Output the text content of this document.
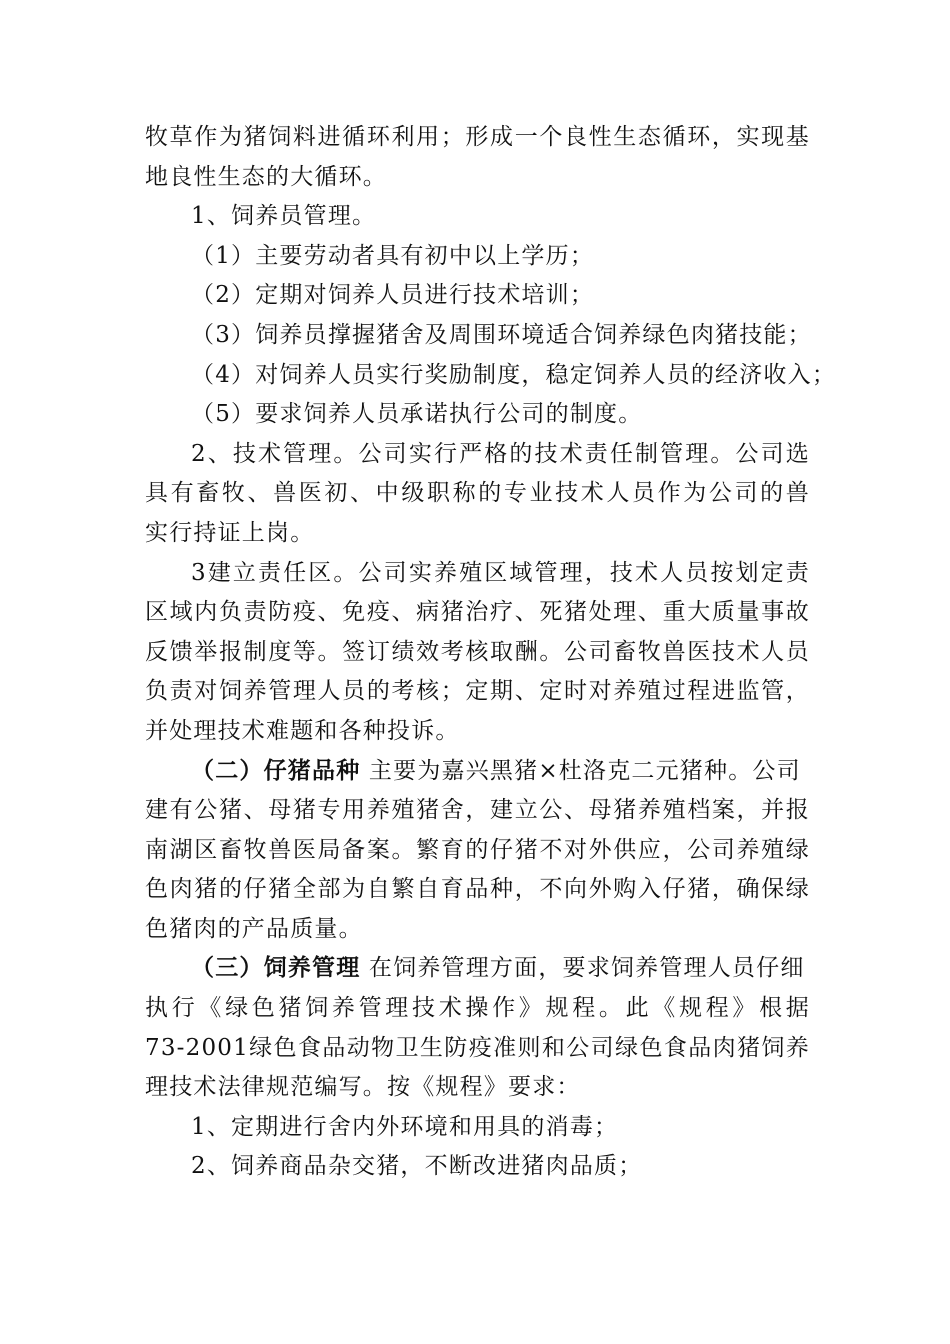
牧草作为猪饲料进循环利用；形成一个良性生态循环，实现基
地良性生态的大循环。
1、饲养员管理。
（1）主要劳动者具有初中以上学历；
（2）定期对饲养人员进行技术培训；
（3）饲养员撑握猪舍及周围环境适合饲养绿色肉猪技能；
（4）对饲养人员实行奖励制度，稳定饲养人员的经济收入；
（5）要求饲养人员承诺执行公司的制度。
2、技术管理。公司实行严格的技术责任制管理。公司选
具有畜牧、兽医初、中级职称的专业技术人员作为公司的兽
实行持证上岗。
3建立责任区。公司实养殖区域管理，技术人员按划定责
区域内负责防疫、免疫、病猪治疗、死猪处理、重大质量事故
反馈举报制度等。签订绩效考核取酬。公司畜牧兽医技术人员
负责对饲养管理人员的考核；定期、定时对养殖过程进监管，
并处理技术难题和各种投诉。
（二）仔猪品种 主要为嘉兴黑猪×杜洛克二元猪种。公司
建有公猪、母猪专用养殖猪舍，建立公、母猪养殖档案，并报
南湖区畜牧兽医局备案。繁育的仔猪不对外供应，公司养殖绿
色肉猪的仔猪全部为自繁自育品种，不向外购入仔猪，确保绿
色猪肉的产品质量。
（三）饲养管理 在饲养管理方面，要求饲养管理人员仔细
执行《绿色猪饲养管理技术操作》规程。此《规程》根据
73-2001绿色食品动物卫生防疫准则和公司绿色食品肉猪饲养
理技术法律规范编写。按《规程》要求：
1、定期进行舍内外环境和用具的消毒；
2、饲养商品杂交猪，不断改进猪肉品质；
